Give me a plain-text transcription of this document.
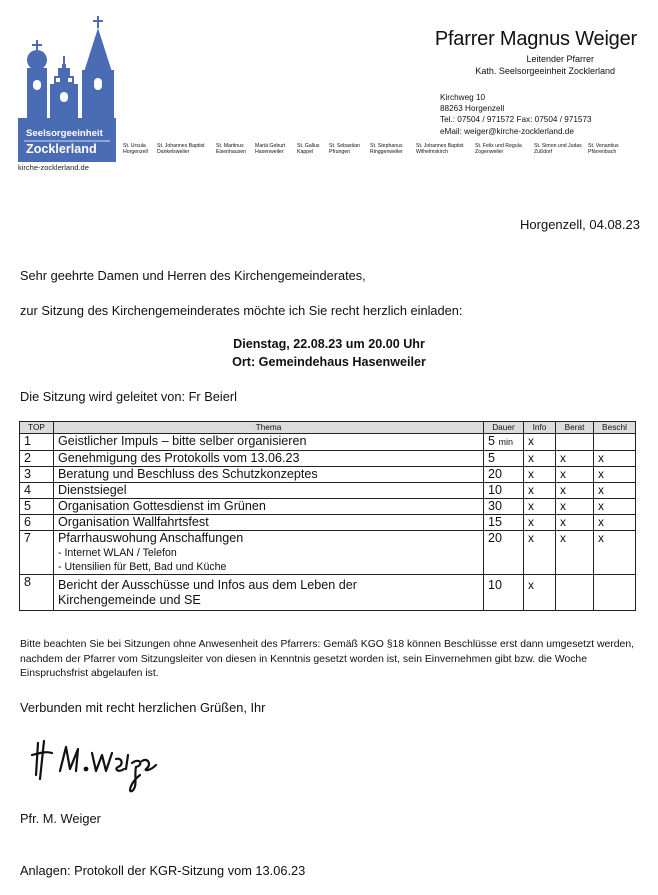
Seelsorgeeinheit
Zocklerland
kirche-zocklerland.de
St. Ursula
Horgenzell
St. Johannes Baptist
Dankelsweiler
St. Martinus
Eisenhausen
Mariä Geburt
Hasenweiler
St. Gallus
Kappel
St. Sebastian
Pfrungen
St. Stephanus
Ringgenweiler
St. Johannes Baptist
Wilhelmskirch
St. Felix und Regula
Zogenweiler
St. Simon und Judas
Zußdorf
St. Venantius
Pfärrenbach
Pfarrer Magnus Weiger
Leitender Pfarrer
Kath. Seelsorgeeinheit Zocklerland
Kirchweg 10
88263 Horgenzell
Tel.: 07504 / 971572 Fax: 07504 / 971573
eMail: weiger@kirche-zocklerland.de
Horgenzell, 04.08.23
Sehr geehrte Damen und Herren des Kirchengemeinderates,
zur Sitzung des Kirchengemeinderates möchte ich Sie recht herzlich einladen:
Dienstag, 22.08.23 um 20.00 Uhr
Ort: Gemeindehaus Hasenweiler
Die Sitzung wird geleitet von: Fr Beierl
TOP	Thema	Dauer	Info	Berat	Beschl
1	Geistlicher Impuls – bitte selber organisieren	5 min	x		
2	Genehmigung des Protokolls vom 13.06.23	5	x	x	x
3	Beratung und Beschluss des Schutzkonzeptes	20	x	x	x
4	Dienstsiegel	10	x	x	x
5	Organisation Gottesdienst im Grünen	30	x	x	x
6	Organisation Wallfahrtsfest	15	x	x	x
7	Pfarrhauswohung Anschaffungen
- Internet WLAN / Telefon
- Utensilien für Bett, Bad und Küche	20	x	x	x
8	Bericht der Ausschüsse und Infos aus dem Leben der
Kirchengemeinde und SE	10	x		
Bitte beachten Sie bei Sitzungen ohne Anwesenheit des Pfarrers: Gemäß KGO §18 können Beschlüsse erst dann umgesetzt werden, nachdem der Pfarrer vom Sitzungsleiter von diesen in Kenntnis gesetzt worden ist, sein Einvernehmen gibt bzw. die Woche Einspruchsfrist abgelaufen ist.
Verbunden mit recht herzlichen Grüßen, Ihr
Pfr. M. Weiger
Anlagen: Protokoll der KGR-Sitzung vom 13.06.23
